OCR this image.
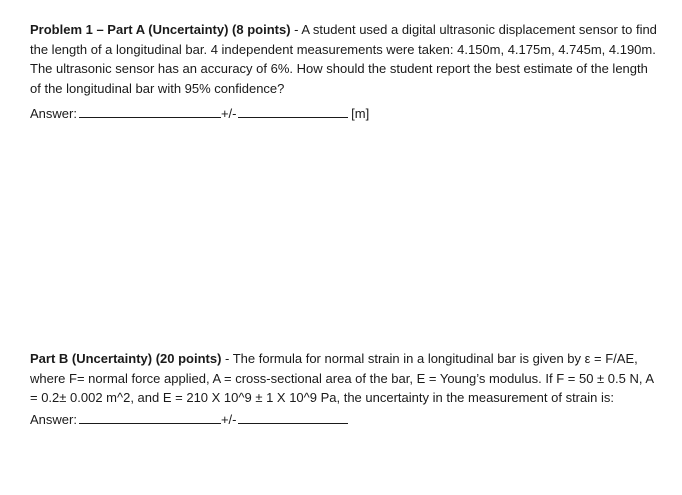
Problem 1 – Part A (Uncertainty) (8 points) - A student used a digital ultrasonic displacement sensor to find the length of a longitudinal bar. 4 independent measurements were taken: 4.150m, 4.175m, 4.745m, 4.190m. The ultrasonic sensor has an accuracy of 6%. How should the student report the best estimate of the length of the longitudinal bar with 95% confidence?
Answer:	+/-	[m]
Part B (Uncertainty) (20 points) - The formula for normal strain in a longitudinal bar is given by ε = F/AE, where F= normal force applied, A = cross-sectional area of the bar, E = Young’s modulus. If F = 50 ± 0.5 N, A = 0.2± 0.002 m^2, and E = 210 X 10^9 ± 1 X 10^9 Pa, the uncertainty in the measurement of strain is:
Answer:	+/-
